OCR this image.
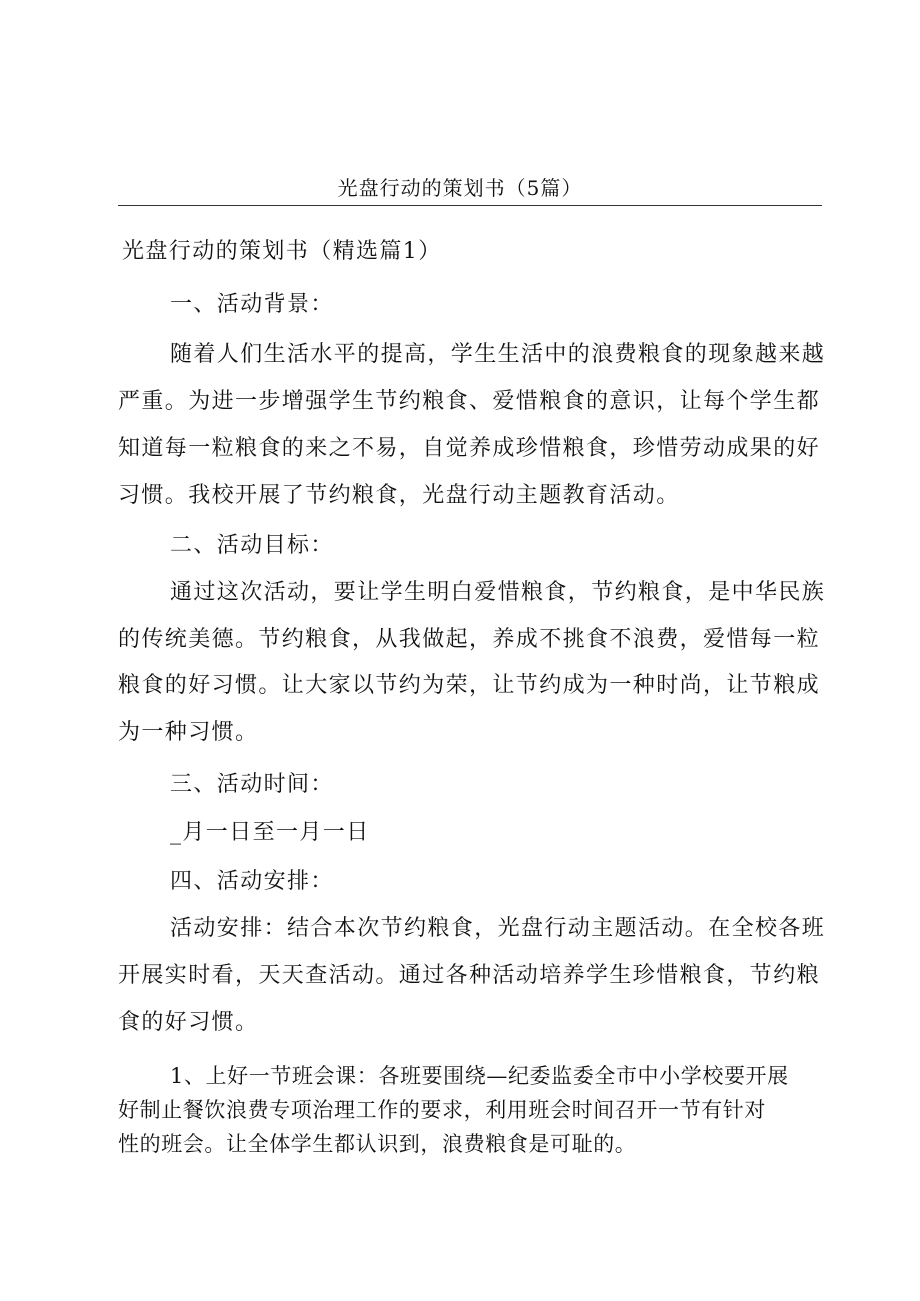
光盘行动的策划书（5篇）
光盘行动的策划书（精选篇1）
一、活动背景：
随着人们生活水平的提高，学生生活中的浪费粮食的现象越来越
严重。为进一步增强学生节约粮食、爱惜粮食的意识，让每个学生都
知道每一粒粮食的来之不易，自觉养成珍惜粮食，珍惜劳动成果的好
习惯。我校开展了节约粮食，光盘行动主题教育活动。
二、活动目标：
通过这次活动，要让学生明白爱惜粮食，节约粮食，是中华民族
的传统美德。节约粮食，从我做起，养成不挑食不浪费，爱惜每一粒
粮食的好习惯。让大家以节约为荣，让节约成为一种时尚，让节粮成
为一种习惯。
三、活动时间：
_月一日至一月一日
四、活动安排：
活动安排：结合本次节约粮食，光盘行动主题活动。在全校各班
开展实时看，天天查活动。通过各种活动培养学生珍惜粮食，节约粮
食的好习惯。
1、上好一节班会课：各班要围绕—纪委监委全市中小学校要开展
好制止餐饮浪费专项治理工作的要求，利用班会时间召开一节有针对
性的班会。让全体学生都认识到，浪费粮食是可耻的。
